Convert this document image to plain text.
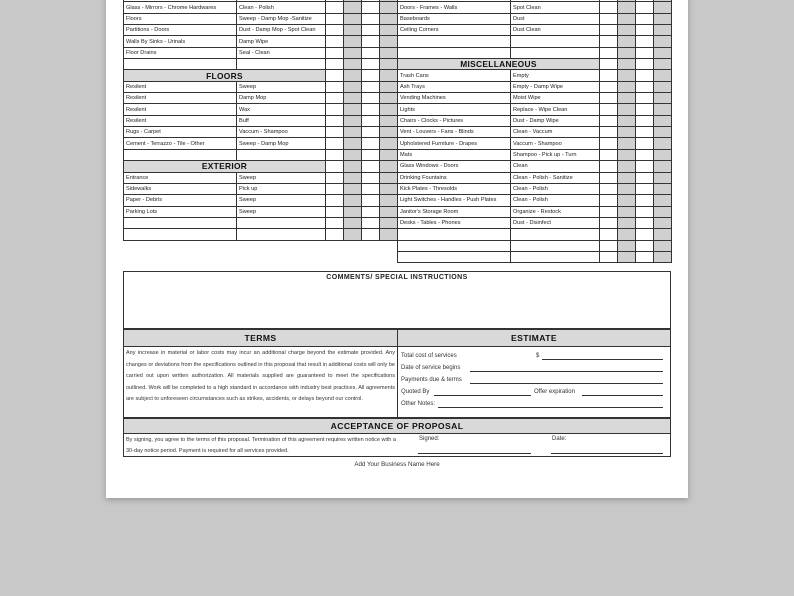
Glass - Mirrors - Chrome Hardwares	Clean - Polish				
Floors	Sweep - Damp Mop -Sanitize				
Partitions - Doors	Dust - Damp Mop - Spot Clean				
Walls By Sinks - Urinals	Damp Wipe				
Floor Drains	Seal - Clean				

FLOORS					
Resilent	Sweep				
Resilent	Damp Mop				
Resilent	Wax				
Resilent	Buff				
Rugs - Carpet	Vaccum - Shampoo				
Cement - Terrazzo - Tile - Other	Sweep - Damp Mop				

EXTERIOR					
Entrance	Sweep				
Sidewalks	Pick up				
Paper - Debris	Sweep				
Parking Lots	Sweep				

Doors - Frames - Walls	Spot Clean				
Baseboards	Dust				
Ceiling Corners	Dust Clean				

MISCELLANEOUS					
Trash Cans	Empty				
Ash Trays	Empty - Damp Wipe				
Vending Machines	Moist Wipe				
Lights	Replace - Wipe Clean				
Chairs - Clocks - Pictures	Dust - Damp Wipe				
Vent - Louvers - Fans - Blinds	Clean - Vaccum				
Upholstered Furniture - Drapes	Vaccum - Shampoo				
Mats	Shampoo - Pick up - Turn				
Glass Windows - Doors	Clean				
Drinking Fountains	Clean - Polish - Sanitize				
Kick Plates - Thresolds	Clean - Polish				
Light Switches - Handles - Push Plates	Clean - Polish				
Janitor's Storage Room	Organize - Restock				
Desks - Tables - Phones	Dust - Disinfect				

COMMENTS/ SPECIAL INSTRUCTIONS
TERMS
Any increase in material or labor costs may incur an additional charge beyond the estimate provided. Any changes or deviations from the specifications outlined in this proposal that result in additional costs will only be carried out upon written authorization. All materials supplied are guaranteed to meet the specifications outlined. Work will be completed to a high standard in accordance with industry best practices. All agreements are subject to unforeseen circumstances such as strikes, accidents, or delays beyond our control.
ESTIMATE
Total cost of services	$
Date of service begins
Payments due & terms
Quoted By	Offer expiration
Other Notes:
ACCEPTANCE OF PROPOSAL
By signing, you agree to the terms of this proposal. Termination of this agreement requires written notice with a 30-day notice period. Payment is required for all services provided.
Signed:	Date:
Add Your Business Name Here
